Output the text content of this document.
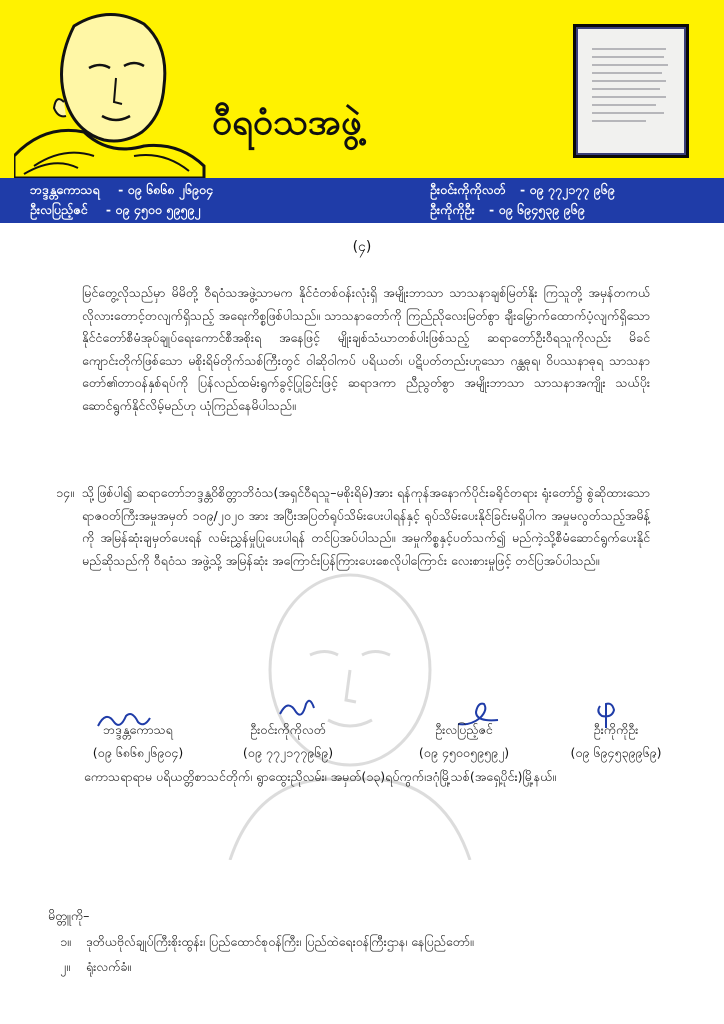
ဝီရဝံသအဖွဲ့
ဘဒ္ဒန္တကောသရ - ၀၉ ၆၈၆၈ ၂၆၉၀၄
ဦးလပြည့်ဇင် - ၀၉ ၄၅၀၀ ၅၉၅၉၂
ဦးဝင်းကိုကိုလတ် - ၀၉ ၇၇၂၁၇၇ ၉၆၉
ဦးကိုကိုဦး - ၀၉ ၆၉၄၅၃၉ ၉၆၉
(၄)
မြင်တွေ့လိုသည်မှာ မိမိတို့ ဝီရဝံသအဖွဲ့သာမက နိုင်ငံတစ်ဝန်းလုံးရှိ အမျိုးဘာသာ သာသနာချစ်မြတ်နိုး ကြသူတို့ အမှန်တကယ် လိုလားတောင့်တလျက်ရှိသည့် အရေးကိစ္စဖြစ်ပါသည်။ သာသနာတော်ကို ကြည်ညိုလေးမြတ်စွာ ချီးမြှောက်ထောက်ပံ့လျက်ရှိသော နိုင်ငံတော်စီမံအုပ်ချုပ်ရေးကောင်စီအစိုးရ အနေဖြင့် မျိုးချစ်သံဃာတစ်ပါးဖြစ်သည့် ဆရာတော်ဦးဝီရသူကိုလည်း မိခင်ကျောင်းတိုက်ဖြစ်သော မစိုးရိမ်တိုက်သစ်ကြီးတွင် ဝါဆိုဝါကပ် ပရိယတ်၊ ပဋိပတ်တည်းဟူသော ဂန္ထဓုရ၊ ဝိပဿနာဓုရ သာသနာ တော်၏တာဝန်နှစ်ရပ်ကို ပြန်လည်ထမ်းရွက်ခွင့်ပြုခြင်းဖြင့် ဆရာဒကာ ညီညွတ်စွာ အမျိုးဘာသာ သာသနာအကျိုး သယ်ပိုးဆောင်ရွက်နိုင်လိမ့်မည်ဟု ယုံကြည်နေမိပါသည်။
၁၄။ သို့ဖြစ်ပါ၍ ဆရာတော်ဘဒ္ဒန္တဝိစိတ္တာဘိဝံသ(အရှင်ဝီရသူ–မစိုးရိမ်)အား ရန်ကုန်အနောက်ပိုင်းခရိုင်တရား ရုံးတော်၌ စွဲဆိုထားသော ရာဇဝတ်ကြီးအမှုအမှတ် ၁၀၉/၂၀၂၀ အား အပြီးအပြတ်ရုပ်သိမ်းပေးပါရန်နှင့် ရုပ်သိမ်းပေးနိုင်ခြင်းမရှိပါက အမှုမလွတ်သည့်အမိန့်ကို အမြန်ဆုံးချမှတ်ပေးရန် လမ်းညွှန်မှုပြုပေးပါရန် တင်ပြအပ်ပါသည်။ အမှုကိစ္စနှင့်ပတ်သက်၍ မည်ကဲ့သို့စီမံဆောင်ရွက်ပေးနိုင်မည်ဆိုသည်ကို ဝီရဝံသ အဖွဲ့သို့ အမြန်ဆုံး အကြောင်းပြန်ကြားပေးစေလိုပါကြောင်း လေးစားမှုဖြင့် တင်ပြအပ်ပါသည်။
ဘဒ္ဒန္တကောသရ
(၀၉ ၆၈၆၈၂၆၉၀၄)
ဦးဝင်းကိုကိုလတ်
(၀၉ ၇၇၂၁၇၇၉၆၉)
ဦးလပြည့်ဇင်
(၀၉ ၄၅၀၀၅၉၅၉၂)
ဦးကိုကိုဦး
(၀၉ ၆၉၄၅၃၉၉၆၉)
ကောသရာရာမ ပရိယတ္တိစာသင်တိုက်၊ ရွာထွေးညိုလမ်း၊ အမှတ်(၁၃)ရပ်ကွက်၊ဒဂုံမြို့သစ်(အရှေ့ပိုင်း)မြို့နယ်။
မိတ္တူကို–
၁။ ဒုတိယဗိုလ်ချုပ်ကြီးစိုးထွန်း၊ ပြည်ထောင်စုဝန်ကြီး၊ ပြည်ထဲရေးဝန်ကြီးဌာန၊ နေပြည်တော်။
၂။ ရုံးလက်ခံ။
